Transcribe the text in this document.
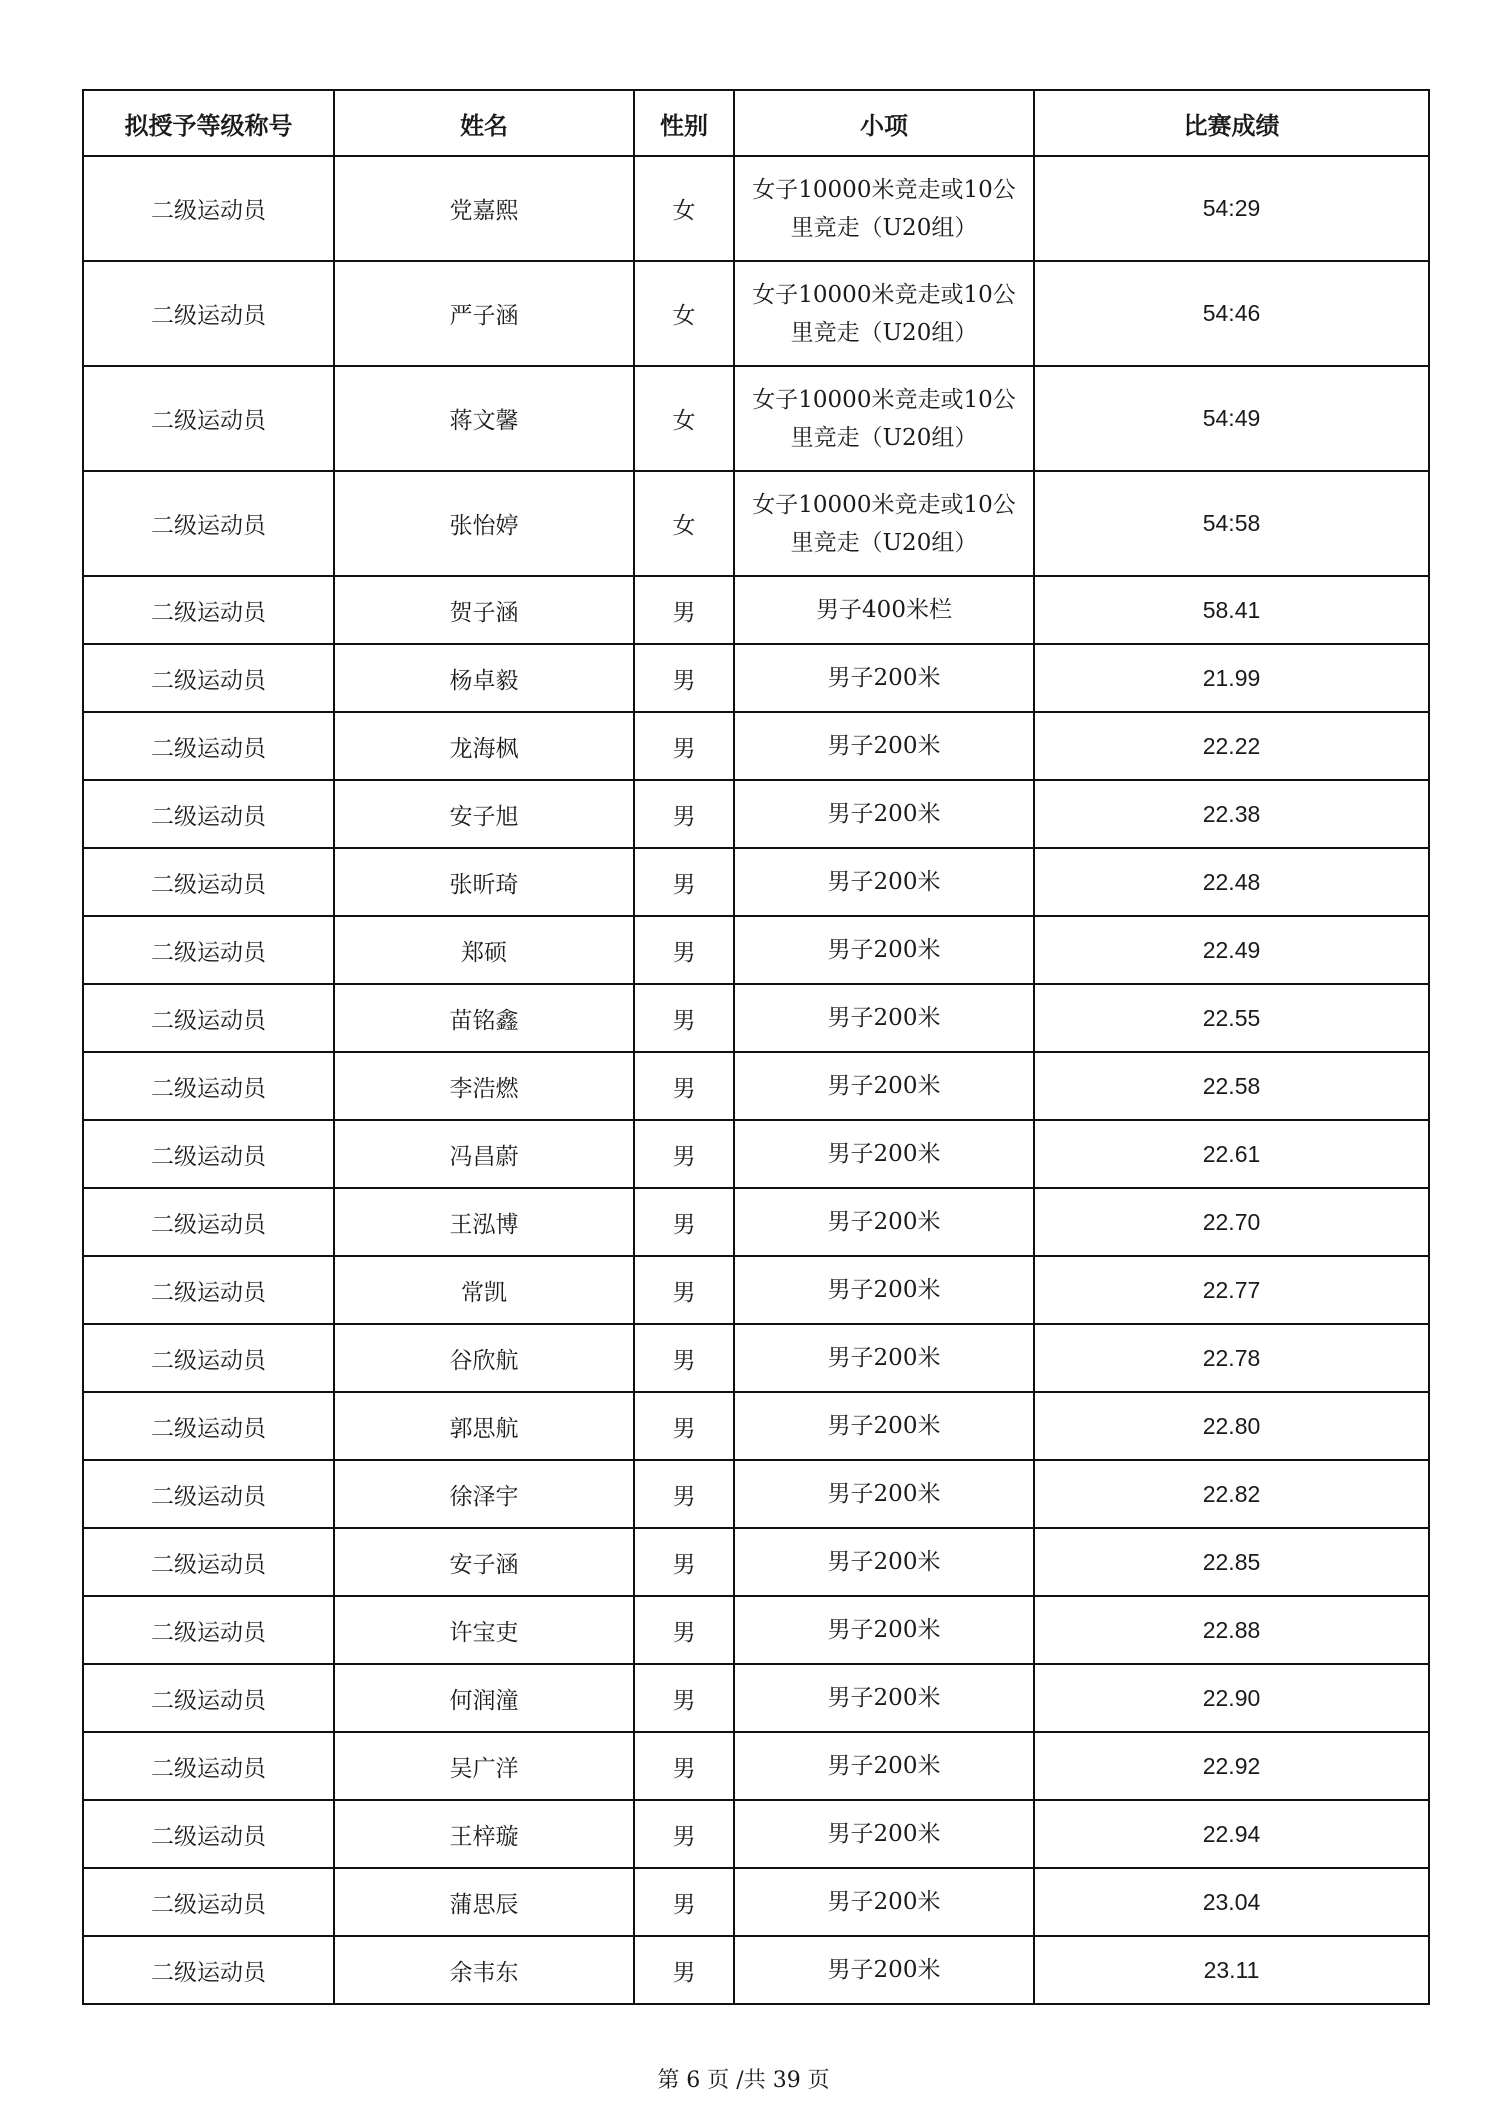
拟授予等级称号	姓名	性别	小项	比赛成绩
二级运动员	党嘉熙	女	女子10000米竞走或10公里竞走（U20组）	54:29
二级运动员	严子涵	女	女子10000米竞走或10公里竞走（U20组）	54:46
二级运动员	蒋文馨	女	女子10000米竞走或10公里竞走（U20组）	54:49
二级运动员	张怡婷	女	女子10000米竞走或10公里竞走（U20组）	54:58
二级运动员	贺子涵	男	男子400米栏	58.41
二级运动员	杨卓毅	男	男子200米	21.99
二级运动员	龙海枫	男	男子200米	22.22
二级运动员	安子旭	男	男子200米	22.38
二级运动员	张昕琦	男	男子200米	22.48
二级运动员	郑硕	男	男子200米	22.49
二级运动员	苗铭鑫	男	男子200米	22.55
二级运动员	李浩燃	男	男子200米	22.58
二级运动员	冯昌蔚	男	男子200米	22.61
二级运动员	王泓博	男	男子200米	22.70
二级运动员	常凯	男	男子200米	22.77
二级运动员	谷欣航	男	男子200米	22.78
二级运动员	郭思航	男	男子200米	22.80
二级运动员	徐泽宇	男	男子200米	22.82
二级运动员	安子涵	男	男子200米	22.85
二级运动员	许宝吏	男	男子200米	22.88
二级运动员	何润潼	男	男子200米	22.90
二级运动员	吴广洋	男	男子200米	22.92
二级运动员	王梓璇	男	男子200米	22.94
二级运动员	蒲思辰	男	男子200米	23.04
二级运动员	余韦东	男	男子200米	23.11
第 6 页 /共 39 页
